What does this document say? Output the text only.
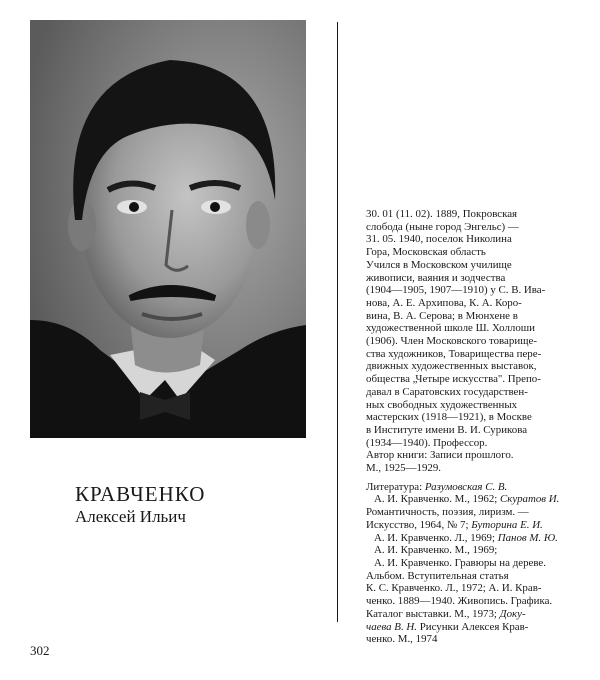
КРАВЧЕНКО
Алексей Ильич
30. 01 (11. 02). 1889, Покровская
слобода (ныне город Энгельс) —
31. 05. 1940, поселок Николина
Гора, Московская область
Учился в Московском училище
живописи, ваяния и зодчества
(1904—1905, 1907—1910) у С. В. Ива-
нова, А. Е. Архипова, К. А. Коро-
вина, В. А. Серова; в Мюнхене в
художественной школе Ш. Холлоши
(1906). Член Московского товарище-
ства художников, Товарищества пере-
движных художественных выставок,
общества „Четыре искусства". Препо-
давал в Саратовских государствен-
ных свободных художественных
мастерских (1918—1921), в Москве
в Институте имени В. И. Сурикова
(1934—1940). Профессор.
Автор книги: Записи прошлого.
М., 1925—1929.
Литература: Разумовская С. В.
А. И. Кравченко. М., 1962; Скуратов И.
Романтичность, поэзия, лиризм. —
Искусство, 1964, № 7; Буторина Е. И.
А. И. Кравченко. Л., 1969; Панов М. Ю.
А. И. Кравченко. М., 1969;
А. И. Кравченко. Гравюры на дереве.
Альбом. Вступительная статья
К. С. Кравченко. Л., 1972; А. И. Крав-
ченко. 1889—1940. Живопись. Графика.
Каталог выставки. М., 1973; Доку-
чаева В. Н. Рисунки Алексея Крав-
ченко. М., 1974
302
